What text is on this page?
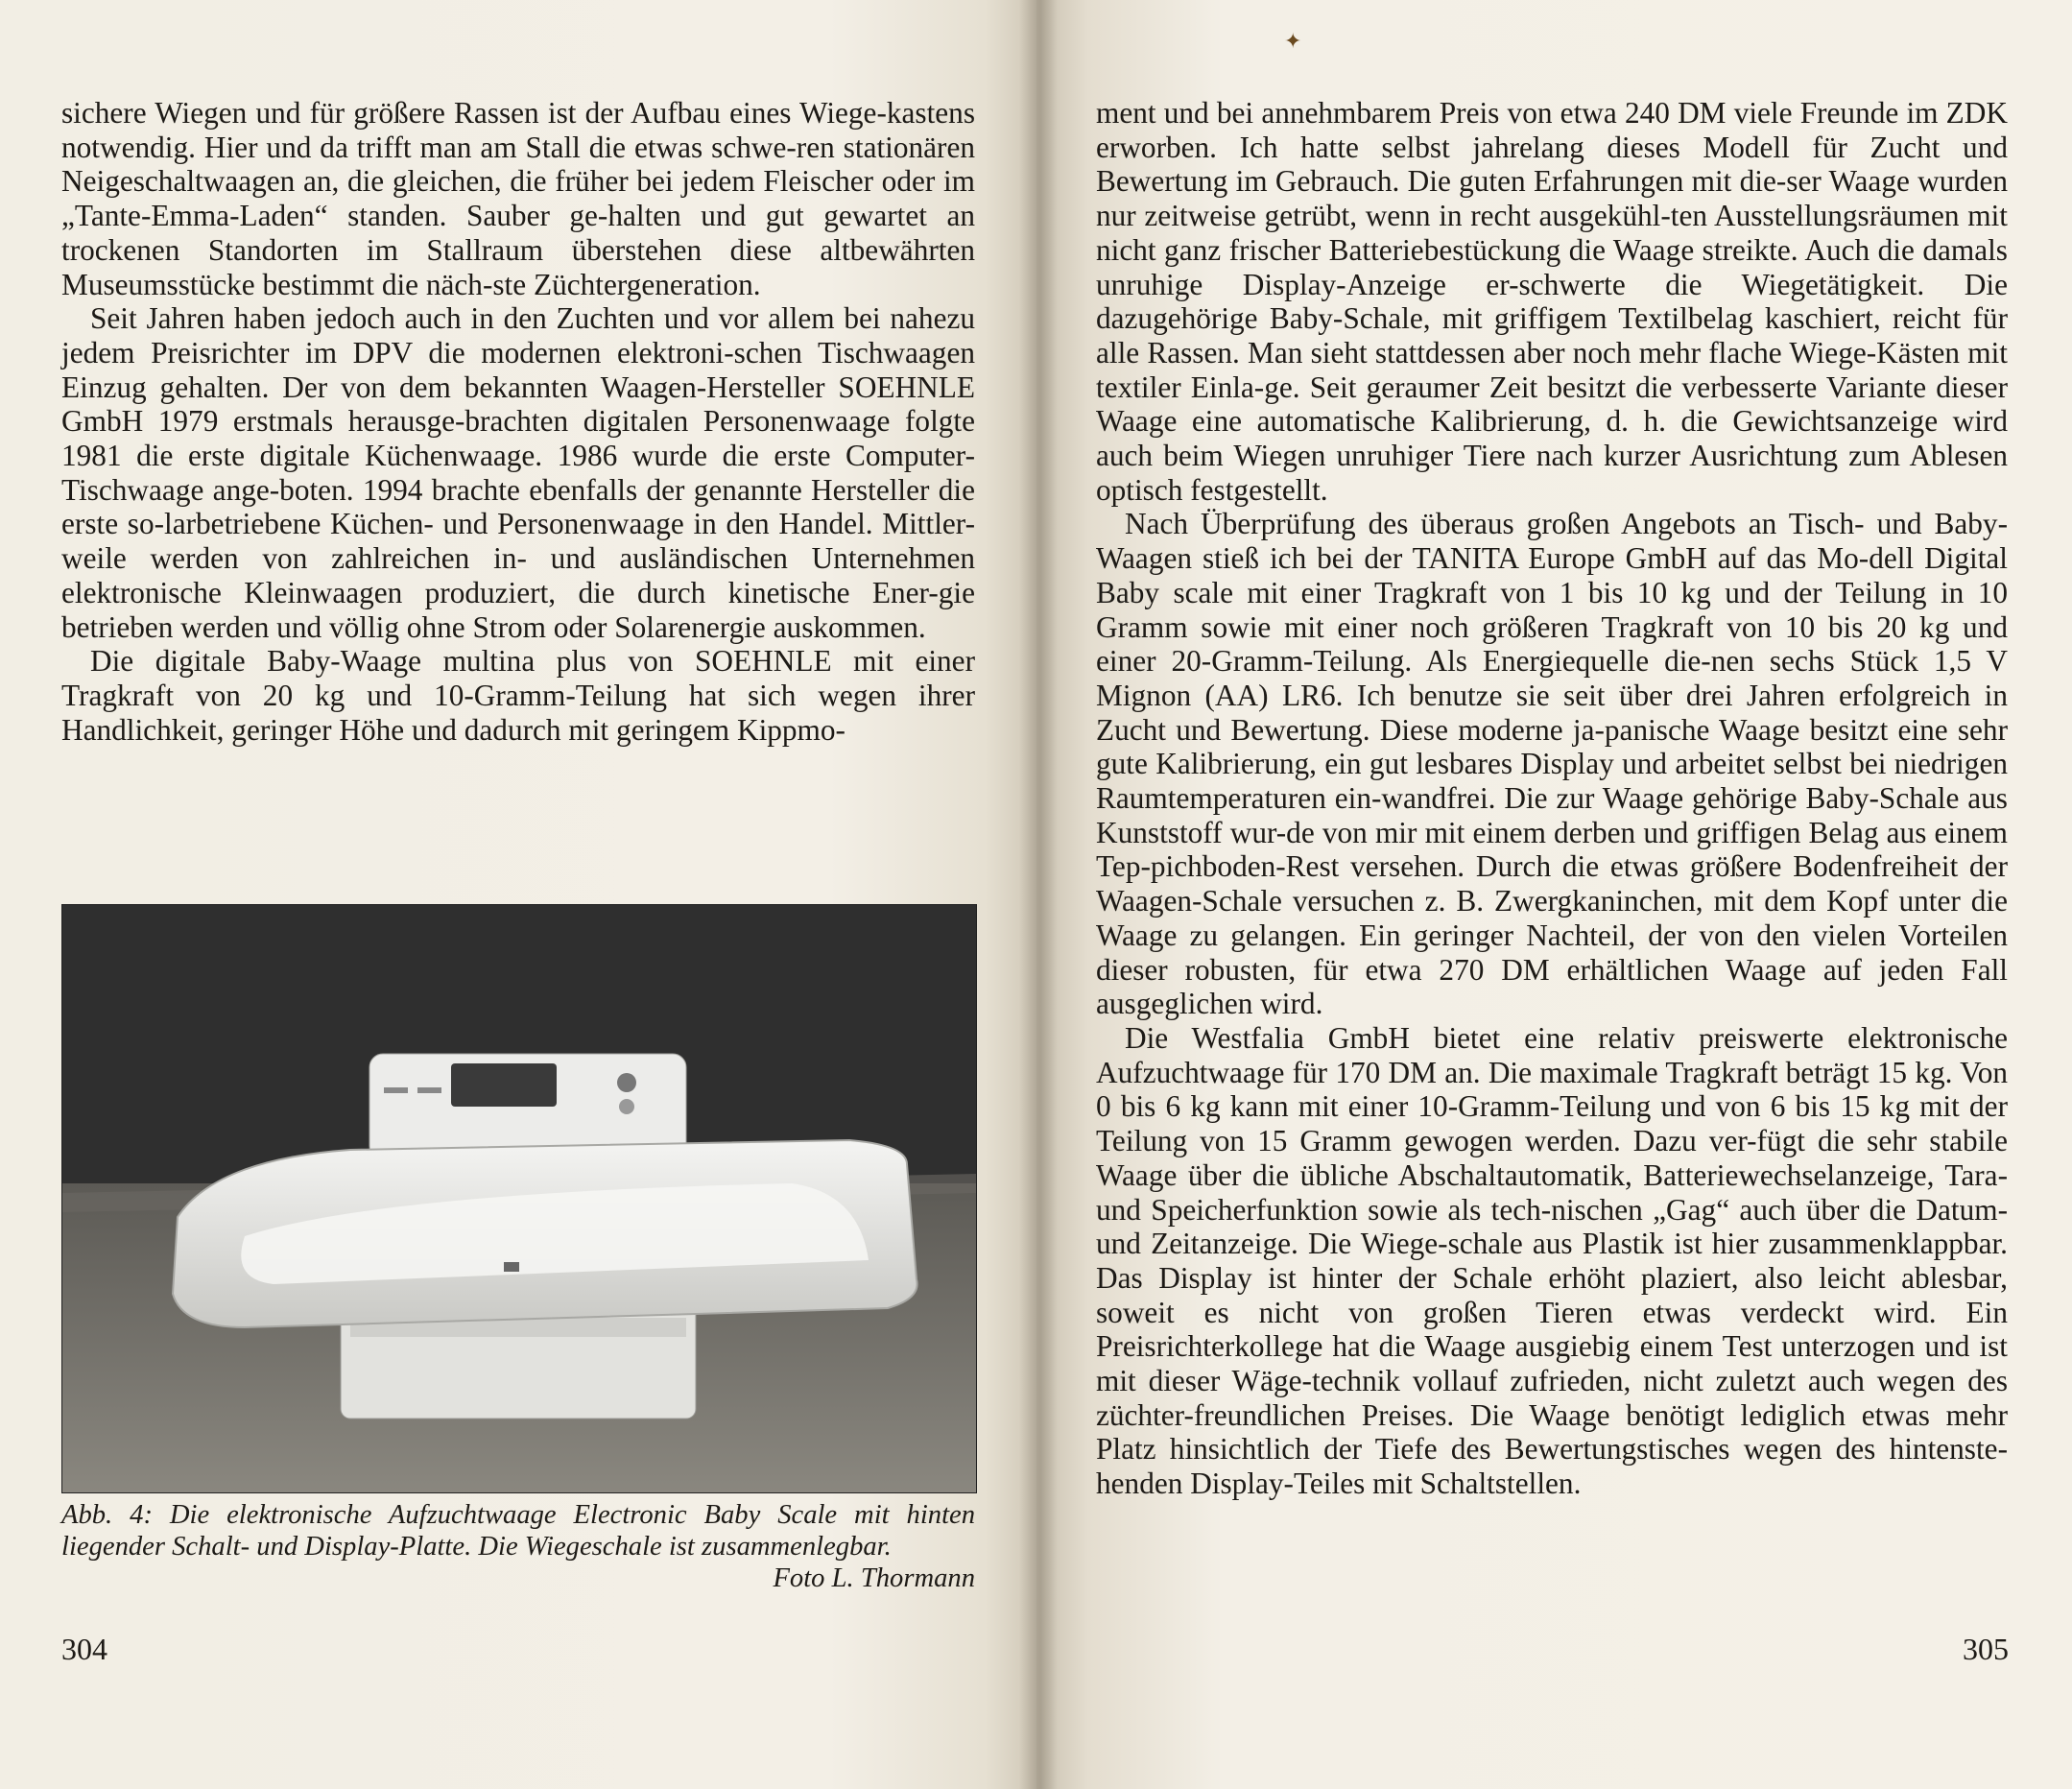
sichere Wiegen und für größere Rassen ist der Aufbau eines Wiege-kastens notwendig. Hier und da trifft man am Stall die etwas schwe-ren stationären Neigeschaltwaagen an, die gleichen, die früher bei jedem Fleischer oder im „Tante-Emma-Laden“ standen. Sauber ge-halten und gut gewartet an trockenen Standorten im Stallraum überstehen diese altbewährten Museumsstücke bestimmt die näch-ste Züchtergeneration.

Seit Jahren haben jedoch auch in den Zuchten und vor allem bei nahezu jedem Preisrichter im DPV die modernen elektroni-schen Tischwaagen Einzug gehalten. Der von dem bekannten Waagen-Hersteller SOEHNLE GmbH 1979 erstmals herausge-brachten digitalen Personenwaage folgte 1981 die erste digitale Küchenwaage. 1986 wurde die erste Computer-Tischwaage ange-boten. 1994 brachte ebenfalls der genannte Hersteller die erste so-larbetriebene Küchen- und Personenwaage in den Handel. Mittler-weile werden von zahlreichen in- und ausländischen Unternehmen elektronische Kleinwaagen produziert, die durch kinetische Ener-gie betrieben werden und völlig ohne Strom oder Solarenergie auskommen.

Die digitale Baby-Waage multina plus von SOEHNLE mit einer Tragkraft von 20 kg und 10-Gramm-Teilung hat sich wegen ihrer Handlichkeit, geringer Höhe und dadurch mit geringem Kippmo-

Abb. 4: Die elektronische Aufzuchtwaage Electronic Baby Scale mit hinten liegender Schalt- und Display-Platte. Die Wiegeschale ist zusammenlegbar.
Foto L. Thormann
304
✦

ment und bei annehmbarem Preis von etwa 240 DM viele Freunde im ZDK erworben. Ich hatte selbst jahrelang dieses Modell für Zucht und Bewertung im Gebrauch. Die guten Erfahrungen mit die-ser Waage wurden nur zeitweise getrübt, wenn in recht ausgekühl-ten Ausstellungsräumen mit nicht ganz frischer Batteriebestückung die Waage streikte. Auch die damals unruhige Display-Anzeige er-schwerte die Wiegetätigkeit. Die dazugehörige Baby-Schale, mit griffigem Textilbelag kaschiert, reicht für alle Rassen. Man sieht stattdessen aber noch mehr flache Wiege-Kästen mit textiler Einla-ge. Seit geraumer Zeit besitzt die verbesserte Variante dieser Waage eine automatische Kalibrierung, d. h. die Gewichtsanzeige wird auch beim Wiegen unruhiger Tiere nach kurzer Ausrichtung zum Ablesen optisch festgestellt.

Nach Überprüfung des überaus großen Angebots an Tisch- und Baby-Waagen stieß ich bei der TANITA Europe GmbH auf das Mo-dell Digital Baby scale mit einer Tragkraft von 1 bis 10 kg und der Teilung in 10 Gramm sowie mit einer noch größeren Tragkraft von 10 bis 20 kg und einer 20-Gramm-Teilung. Als Energiequelle die-nen sechs Stück 1,5 V Mignon (AA) LR6. Ich benutze sie seit über drei Jahren erfolgreich in Zucht und Bewertung. Diese moderne ja-panische Waage besitzt eine sehr gute Kalibrierung, ein gut lesbares Display und arbeitet selbst bei niedrigen Raumtemperaturen ein-wandfrei. Die zur Waage gehörige Baby-Schale aus Kunststoff wur-de von mir mit einem derben und griffigen Belag aus einem Tep-pichboden-Rest versehen. Durch die etwas größere Bodenfreiheit der Waagen-Schale versuchen z. B. Zwergkaninchen, mit dem Kopf unter die Waage zu gelangen. Ein geringer Nachteil, der von den vielen Vorteilen dieser robusten, für etwa 270 DM erhältlichen Waage auf jeden Fall ausgeglichen wird.

Die Westfalia GmbH bietet eine relativ preiswerte elektronische Aufzuchtwaage für 170 DM an. Die maximale Tragkraft beträgt 15 kg. Von 0 bis 6 kg kann mit einer 10-Gramm-Teilung und von 6 bis 15 kg mit der Teilung von 15 Gramm gewogen werden. Dazu ver-fügt die sehr stabile Waage über die übliche Abschaltautomatik, Batteriewechselanzeige, Tara- und Speicherfunktion sowie als tech-nischen „Gag“ auch über die Datum- und Zeitanzeige. Die Wiege-schale aus Plastik ist hier zusammenklappbar. Das Display ist hinter der Schale erhöht plaziert, also leicht ablesbar, soweit es nicht von großen Tieren etwas verdeckt wird. Ein Preisrichterkollege hat die Waage ausgiebig einem Test unterzogen und ist mit dieser Wäge-technik vollauf zufrieden, nicht zuletzt auch wegen des züchter-freundlichen Preises. Die Waage benötigt lediglich etwas mehr Platz hinsichtlich der Tiefe des Bewertungstisches wegen des hintenste-henden Display-Teiles mit Schaltstellen.

305
